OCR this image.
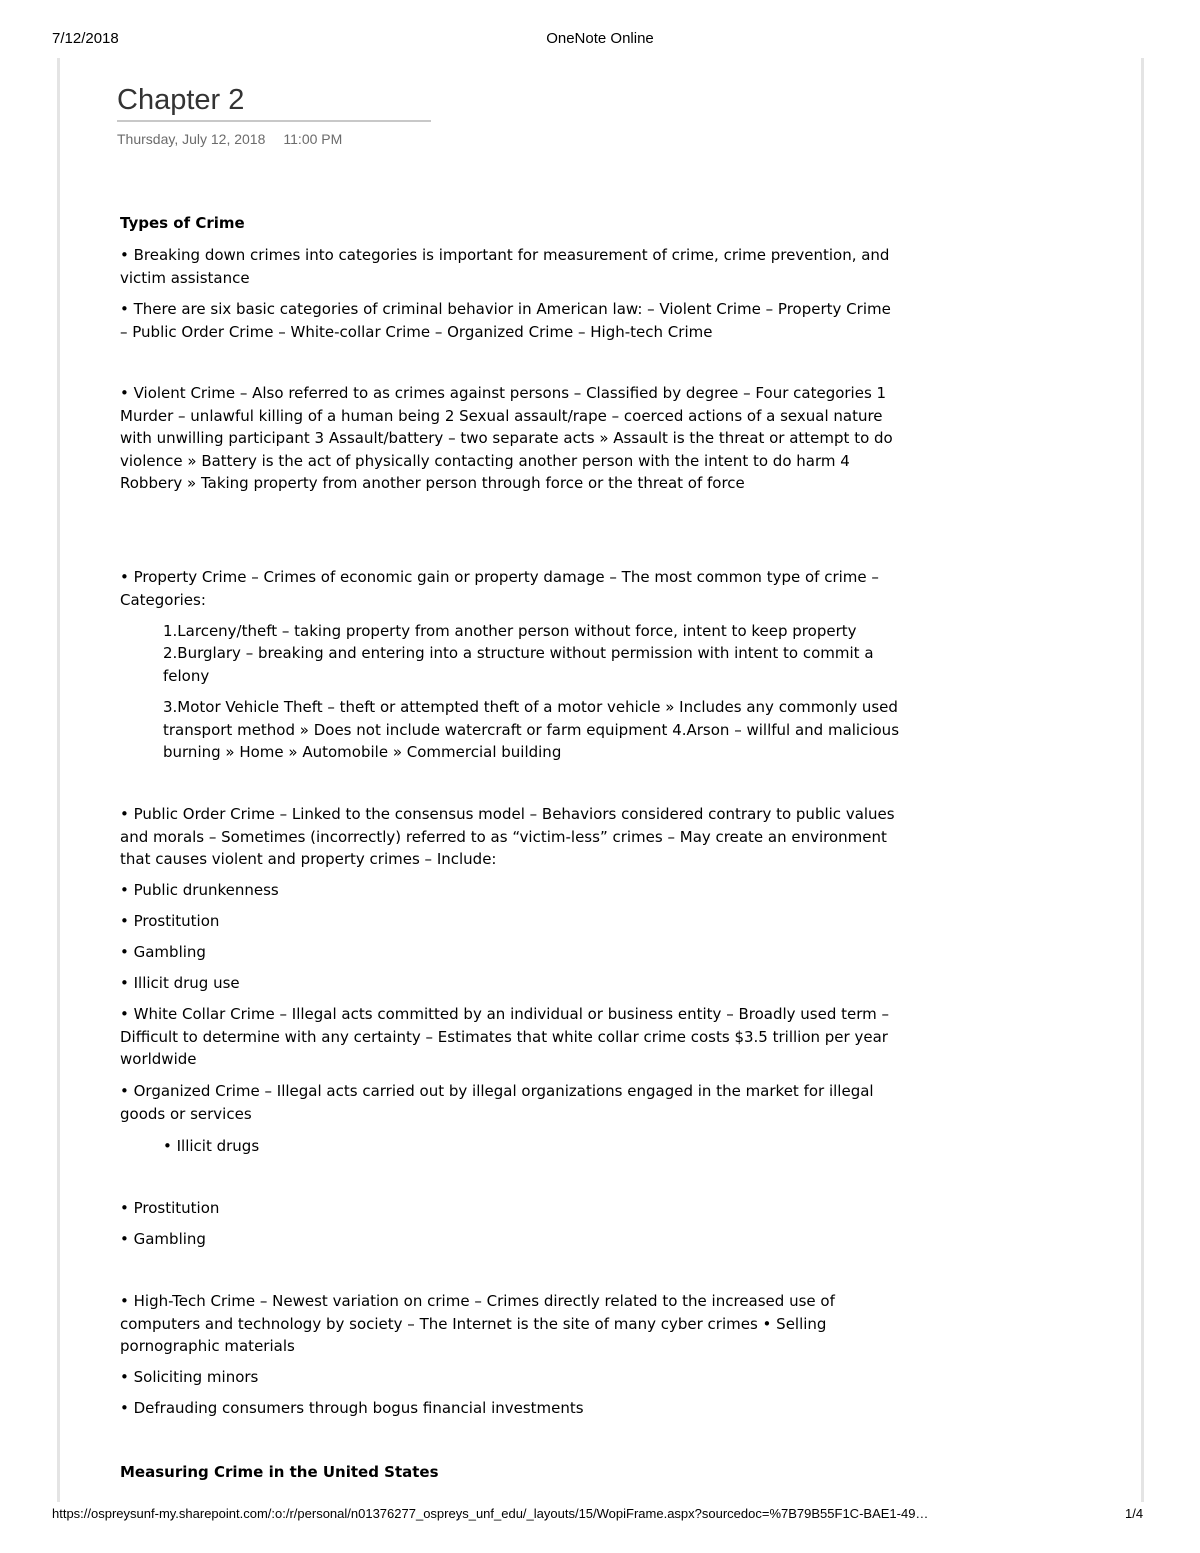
7/12/2018	OneNote Online
Chapter 2
Thursday, July 12, 2018 11:00 PM

Types of Crime

• Breaking down crimes into categories is important for measurement of crime, crime prevention, and victim assistance

• There are six basic categories of criminal behavior in American law: – Violent Crime – Property Crime – Public Order Crime – White-collar Crime – Organized Crime – High-tech Crime

• Violent Crime – Also referred to as crimes against persons – Classified by degree – Four categories 1 Murder – unlawful killing of a human being 2 Sexual assault/rape – coerced actions of a sexual nature with unwilling participant 3 Assault/battery – two separate acts » Assault is the threat or attempt to do violence » Battery is the act of physically contacting another person with the intent to do harm 4 Robbery » Taking property from another person through force or the threat of force

• Property Crime – Crimes of economic gain or property damage – The most common type of crime – Categories:

1.Larceny/theft – taking property from another person without force, intent to keep property

2.Burglary – breaking and entering into a structure without permission with intent to commit a felony

3.Motor Vehicle Theft – theft or attempted theft of a motor vehicle » Includes any commonly used transport method » Does not include watercraft or farm equipment 4.Arson – willful and malicious burning » Home » Automobile » Commercial building

• Public Order Crime – Linked to the consensus model – Behaviors considered contrary to public values and morals – Sometimes (incorrectly) referred to as “victim-less” crimes – May create an environment that causes violent and property crimes – Include:

• Public drunkenness

• Prostitution

• Gambling

• Illicit drug use

• White Collar Crime – Illegal acts committed by an individual or business entity – Broadly used term – Difficult to determine with any certainty – Estimates that white collar crime costs $3.5 trillion per year worldwide

• Organized Crime – Illegal acts carried out by illegal organizations engaged in the market for illegal goods or services

• Illicit drugs

• Prostitution

• Gambling

• High-Tech Crime – Newest variation on crime – Crimes directly related to the increased use of computers and technology by society – The Internet is the site of many cyber crimes • Selling pornographic materials

• Soliciting minors

• Defrauding consumers through bogus financial investments

Measuring Crime in the United States

https://ospreysunf-my.sharepoint.com/:o:/r/personal/n01376277_ospreys_unf_edu/_layouts/15/WopiFrame.aspx?sourcedoc=%7B79B55F1C-BAE1-49…	1/4
